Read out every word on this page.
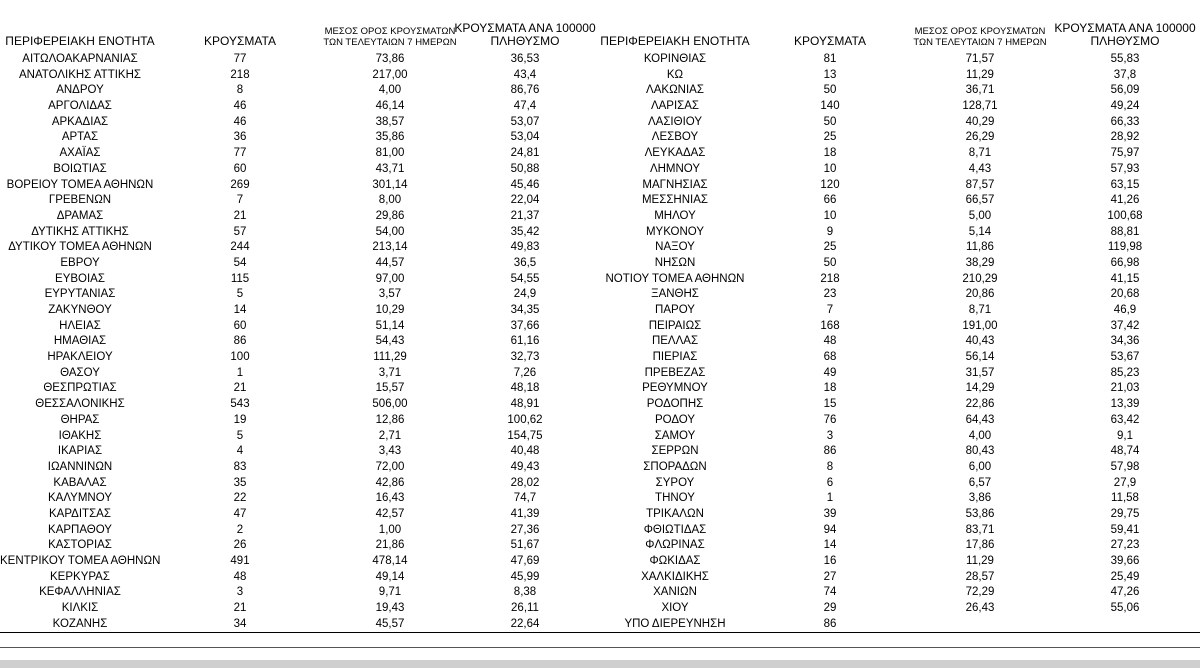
ΠΕΡΙΦΕΡΕΙΑΚΗ ΕΝΟΤΗΤΑ	ΚΡΟΥΣΜΑΤΑ
ΜΕΣΟΣ ΟΡΟΣ ΚΡΟΥΣΜΑΤΩΝ
ΤΩΝ ΤΕΛΕΥΤΑΙΩΝ 7 ΗΜΕΡΩΝ
ΚΡΟΥΣΜΑΤΑ ΑΝΑ 100000
ΠΛΗΘΥΣΜΟ
ΑΙΤΩΛΟΑΚΑΡΝΑΝΙΑΣ	77	73,86	36,53
ΑΝΑΤΟΛΙΚΗΣ ΑΤΤΙΚΗΣ	218	217,00	43,4
ΑΝΔΡΟΥ	8	4,00	86,76
ΑΡΓΟΛΙΔΑΣ	46	46,14	47,4
ΑΡΚΑΔΙΑΣ	46	38,57	53,07
ΑΡΤΑΣ	36	35,86	53,04
ΑΧΑΪΑΣ	77	81,00	24,81
ΒΟΙΩΤΙΑΣ	60	43,71	50,88
ΒΟΡΕΙΟΥ ΤΟΜΕΑ ΑΘΗΝΩΝ	269	301,14	45,46
ΓΡΕΒΕΝΩΝ	7	8,00	22,04
ΔΡΑΜΑΣ	21	29,86	21,37
ΔΥΤΙΚΗΣ ΑΤΤΙΚΗΣ	57	54,00	35,42
ΔΥΤΙΚΟΥ ΤΟΜΕΑ ΑΘΗΝΩΝ	244	213,14	49,83
ΕΒΡΟΥ	54	44,57	36,5
ΕΥΒΟΙΑΣ	115	97,00	54,55
ΕΥΡΥΤΑΝΙΑΣ	5	3,57	24,9
ΖΑΚΥΝΘΟΥ	14	10,29	34,35
ΗΛΕΙΑΣ	60	51,14	37,66
ΗΜΑΘΙΑΣ	86	54,43	61,16
ΗΡΑΚΛΕΙΟΥ	100	111,29	32,73
ΘΑΣΟΥ	1	3,71	7,26
ΘΕΣΠΡΩΤΙΑΣ	21	15,57	48,18
ΘΕΣΣΑΛΟΝΙΚΗΣ	543	506,00	48,91
ΘΗΡΑΣ	19	12,86	100,62
ΙΘΑΚΗΣ	5	2,71	154,75
ΙΚΑΡΙΑΣ	4	3,43	40,48
ΙΩΑΝΝΙΝΩΝ	83	72,00	49,43
ΚΑΒΑΛΑΣ	35	42,86	28,02
ΚΑΛΥΜΝΟΥ	22	16,43	74,7
ΚΑΡΔΙΤΣΑΣ	47	42,57	41,39
ΚΑΡΠΑΘΟΥ	2	1,00	27,36
ΚΑΣΤΟΡΙΑΣ	26	21,86	51,67
ΚΕΝΤΡΙΚΟΥ ΤΟΜΕΑ ΑΘΗΝΩΝ	491	478,14	47,69
ΚΕΡΚΥΡΑΣ	48	49,14	45,99
ΚΕΦΑΛΛΗΝΙΑΣ	3	9,71	8,38
ΚΙΛΚΙΣ	21	19,43	26,11
ΚΟΖΑΝΗΣ	34	45,57	22,64
ΠΕΡΙΦΕΡΕΙΑΚΗ ΕΝΟΤΗΤΑ	ΚΡΟΥΣΜΑΤΑ
ΜΕΣΟΣ ΟΡΟΣ ΚΡΟΥΣΜΑΤΩΝ
ΤΩΝ ΤΕΛΕΥΤΑΙΩΝ 7 ΗΜΕΡΩΝ
ΚΡΟΥΣΜΑΤΑ ΑΝΑ 100000
ΠΛΗΘΥΣΜΟ
ΚΟΡΙΝΘΙΑΣ	81	71,57	55,83
ΚΩ	13	11,29	37,8
ΛΑΚΩΝΙΑΣ	50	36,71	56,09
ΛΑΡΙΣΑΣ	140	128,71	49,24
ΛΑΣΙΘΙΟΥ	50	40,29	66,33
ΛΕΣΒΟΥ	25	26,29	28,92
ΛΕΥΚΑΔΑΣ	18	8,71	75,97
ΛΗΜΝΟΥ	10	4,43	57,93
ΜΑΓΝΗΣΙΑΣ	120	87,57	63,15
ΜΕΣΣΗΝΙΑΣ	66	66,57	41,26
ΜΗΛΟΥ	10	5,00	100,68
ΜΥΚΟΝΟΥ	9	5,14	88,81
ΝΑΞΟΥ	25	11,86	119,98
ΝΗΣΩΝ	50	38,29	66,98
ΝΟΤΙΟΥ ΤΟΜΕΑ ΑΘΗΝΩΝ	218	210,29	41,15
ΞΑΝΘΗΣ	23	20,86	20,68
ΠΑΡΟΥ	7	8,71	46,9
ΠΕΙΡΑΙΩΣ	168	191,00	37,42
ΠΕΛΛΑΣ	48	40,43	34,36
ΠΙΕΡΙΑΣ	68	56,14	53,67
ΠΡΕΒΕΖΑΣ	49	31,57	85,23
ΡΕΘΥΜΝΟΥ	18	14,29	21,03
ΡΟΔΟΠΗΣ	15	22,86	13,39
ΡΟΔΟΥ	76	64,43	63,42
ΣΑΜΟΥ	3	4,00	9,1
ΣΕΡΡΩΝ	86	80,43	48,74
ΣΠΟΡΑΔΩΝ	8	6,00	57,98
ΣΥΡΟΥ	6	6,57	27,9
ΤΗΝΟΥ	1	3,86	11,58
ΤΡΙΚΑΛΩΝ	39	53,86	29,75
ΦΘΙΩΤΙΔΑΣ	94	83,71	59,41
ΦΛΩΡΙΝΑΣ	14	17,86	27,23
ΦΩΚΙΔΑΣ	16	11,29	39,66
ΧΑΛΚΙΔΙΚΗΣ	27	28,57	25,49
ΧΑΝΙΩΝ	74	72,29	47,26
ΧΙΟΥ	29	26,43	55,06
ΥΠΟ ΔΙΕΡΕΥΝΗΣΗ	86
